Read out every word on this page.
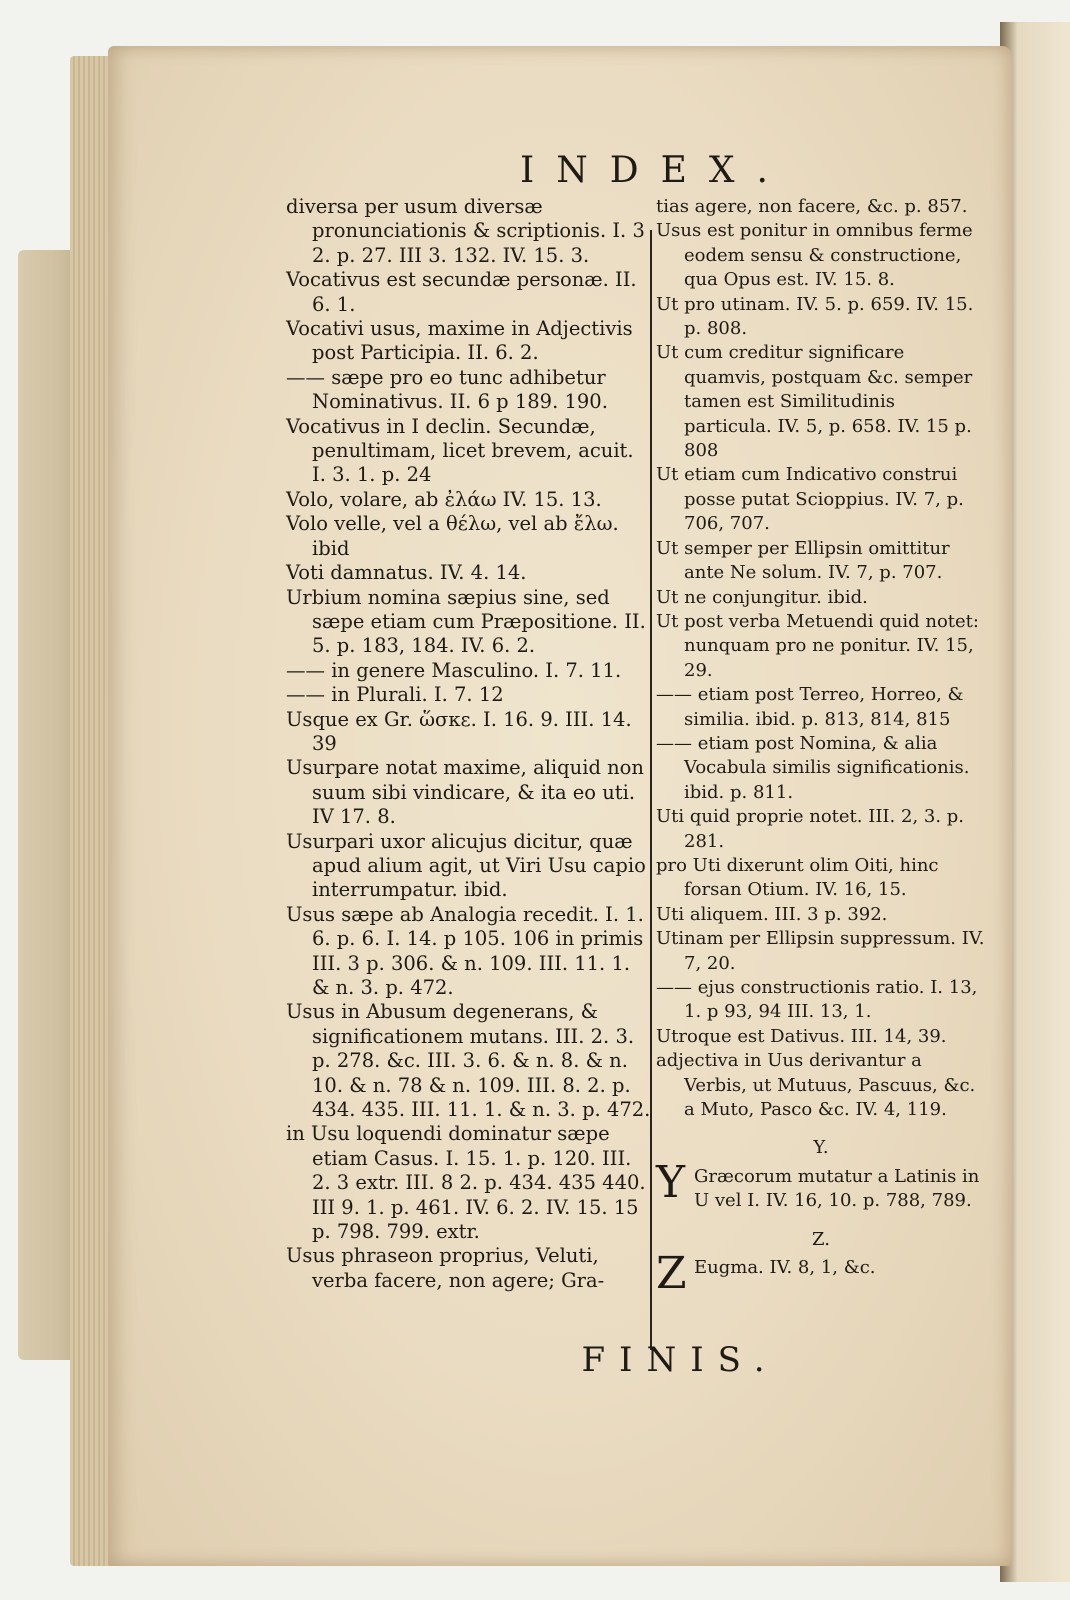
INDEX.

diversa per usum diversæ pronunciationis & scriptionis. I. 3 2. p. 27. III 3. 132. IV. 15. 3.

Vocativus est secundæ personæ. II. 6. 1.

Vocativi usus, maxime in Adjectivis post Participia. II. 6. 2.

—— sæpe pro eo tunc adhibetur Nominativus. II. 6 p 189. 190.

Vocativus in I declin. Secundæ, penultimam, licet brevem, acuit. I. 3. 1. p. 24

Volo, volare, ab ἐλάω IV. 15. 13.

Volo velle, vel a θέλω, vel ab ἔλω. ibid

Voti damnatus. IV. 4. 14.

Urbium nomina sæpius sine, sed sæpe etiam cum Præpositione. II. 5. p. 183, 184. IV. 6. 2.

—— in genere Masculino. I. 7. 11.

—— in Plurali. I. 7. 12

Usque ex Gr. ὥσκε. I. 16. 9. III. 14. 39

Usurpare notat maxime, aliquid non suum sibi vindicare, & ita eo uti. IV 17. 8.

Usurpari uxor alicujus dicitur, quæ apud alium agit, ut Viri Usu capio interrumpatur. ibid.

Usus sæpe ab Analogia recedit. I. 1. 6. p. 6. I. 14. p 105. 106 in primis III. 3 p. 306. & n. 109. III. 11. 1. & n. 3. p. 472.

Usus in Abusum degenerans, & significationem mutans. III. 2. 3. p. 278. &c. III. 3. 6. & n. 8. & n. 10. & n. 78 & n. 109. III. 8. 2. p. 434. 435. III. 11. 1. & n. 3. p. 472.

in Usu loquendi dominatur sæpe etiam Casus. I. 15. 1. p. 120. III. 2. 3 extr. III. 8 2. p. 434. 435 440. III 9. 1. p. 461. IV. 6. 2. IV. 15. 15 p. 798. 799. extr.

Usus phraseon proprius, Veluti, verba facere, non agere; Gra-

tias agere, non facere, &c. p. 857.

Usus est ponitur in omnibus ferme eodem sensu & constructione, qua Opus est. IV. 15. 8.

Ut pro utinam. IV. 5. p. 659. IV. 15. p. 808.

Ut cum creditur significare quamvis, postquam &c. semper tamen est Similitudinis particula. IV. 5, p. 658. IV. 15 p. 808

Ut etiam cum Indicativo construi posse putat Scioppius. IV. 7, p. 706, 707.

Ut semper per Ellipsin omittitur ante Ne solum. IV. 7, p. 707.

Ut ne conjungitur. ibid.

Ut post verba Metuendi quid notet: nunquam pro ne ponitur. IV. 15, 29.

—— etiam post Terreo, Horreo, & similia. ibid. p. 813, 814, 815

—— etiam post Nomina, & alia Vocabula similis significationis. ibid. p. 811.

Uti quid proprie notet. III. 2, 3. p. 281.

pro Uti dixerunt olim Oiti, hinc forsan Otium. IV. 16, 15.

Uti aliquem. III. 3 p. 392.

Utinam per Ellipsin suppressum. IV. 7, 20.

—— ejus constructionis ratio. I. 13, 1. p 93, 94 III. 13, 1.

Utroque est Dativus. III. 14, 39.

adjectiva in Uus derivantur a Verbis, ut Mutuus, Pascuus, &c. a Muto, Pasco &c. IV. 4, 119.

Y.

Y Græcorum mutatur a Latinis in U vel I. IV. 16, 10. p. 788, 789.

Z.

Z Eugma. IV. 8, 1, &c.

FINIS.
